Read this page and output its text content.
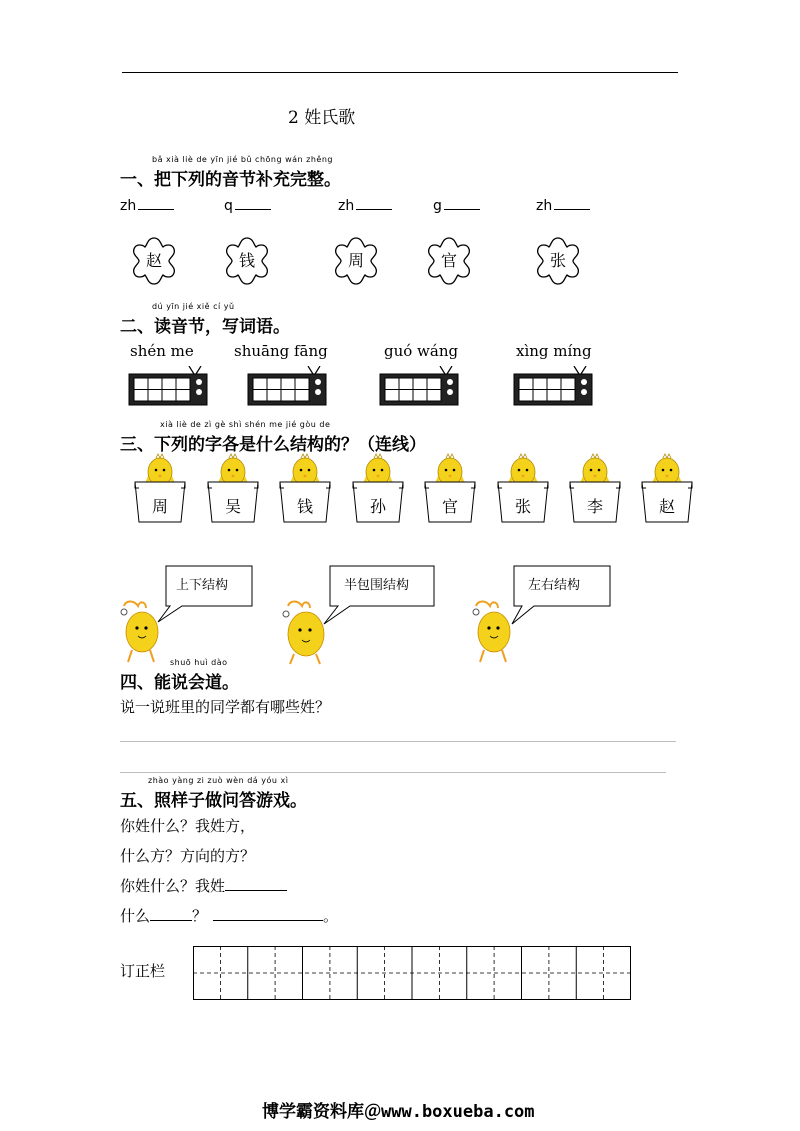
2 姓氏歌
bǎ xià liè de yīn jié bǔ chōng wán zhěng
一、把下列的音节补充完整。
zh	q	zh	g	zh
赵	钱	周	官	张
dú yīn jié xiě cí yǔ
二、读音节，写词语。
shén me	shuāng fāng	guó wáng	xìng míng
xià liè de zì gè shì shén me jié gòu de
三、下列的字各是什么结构的？（连线）
周	吴	钱	孙	官	张	李	赵
上下结构	半包围结构	左右结构
shuō huì dào
四、能说会道。
说一说班里的同学都有哪些姓？
zhào yàng zi zuò wèn dá yóu xì
五、照样子做问答游戏。
你姓什么？我姓方，
什么方？方向的方？
你姓什么？我姓
什么	？	。
订正栏
博学霸资料库＠www.boxueba.com
